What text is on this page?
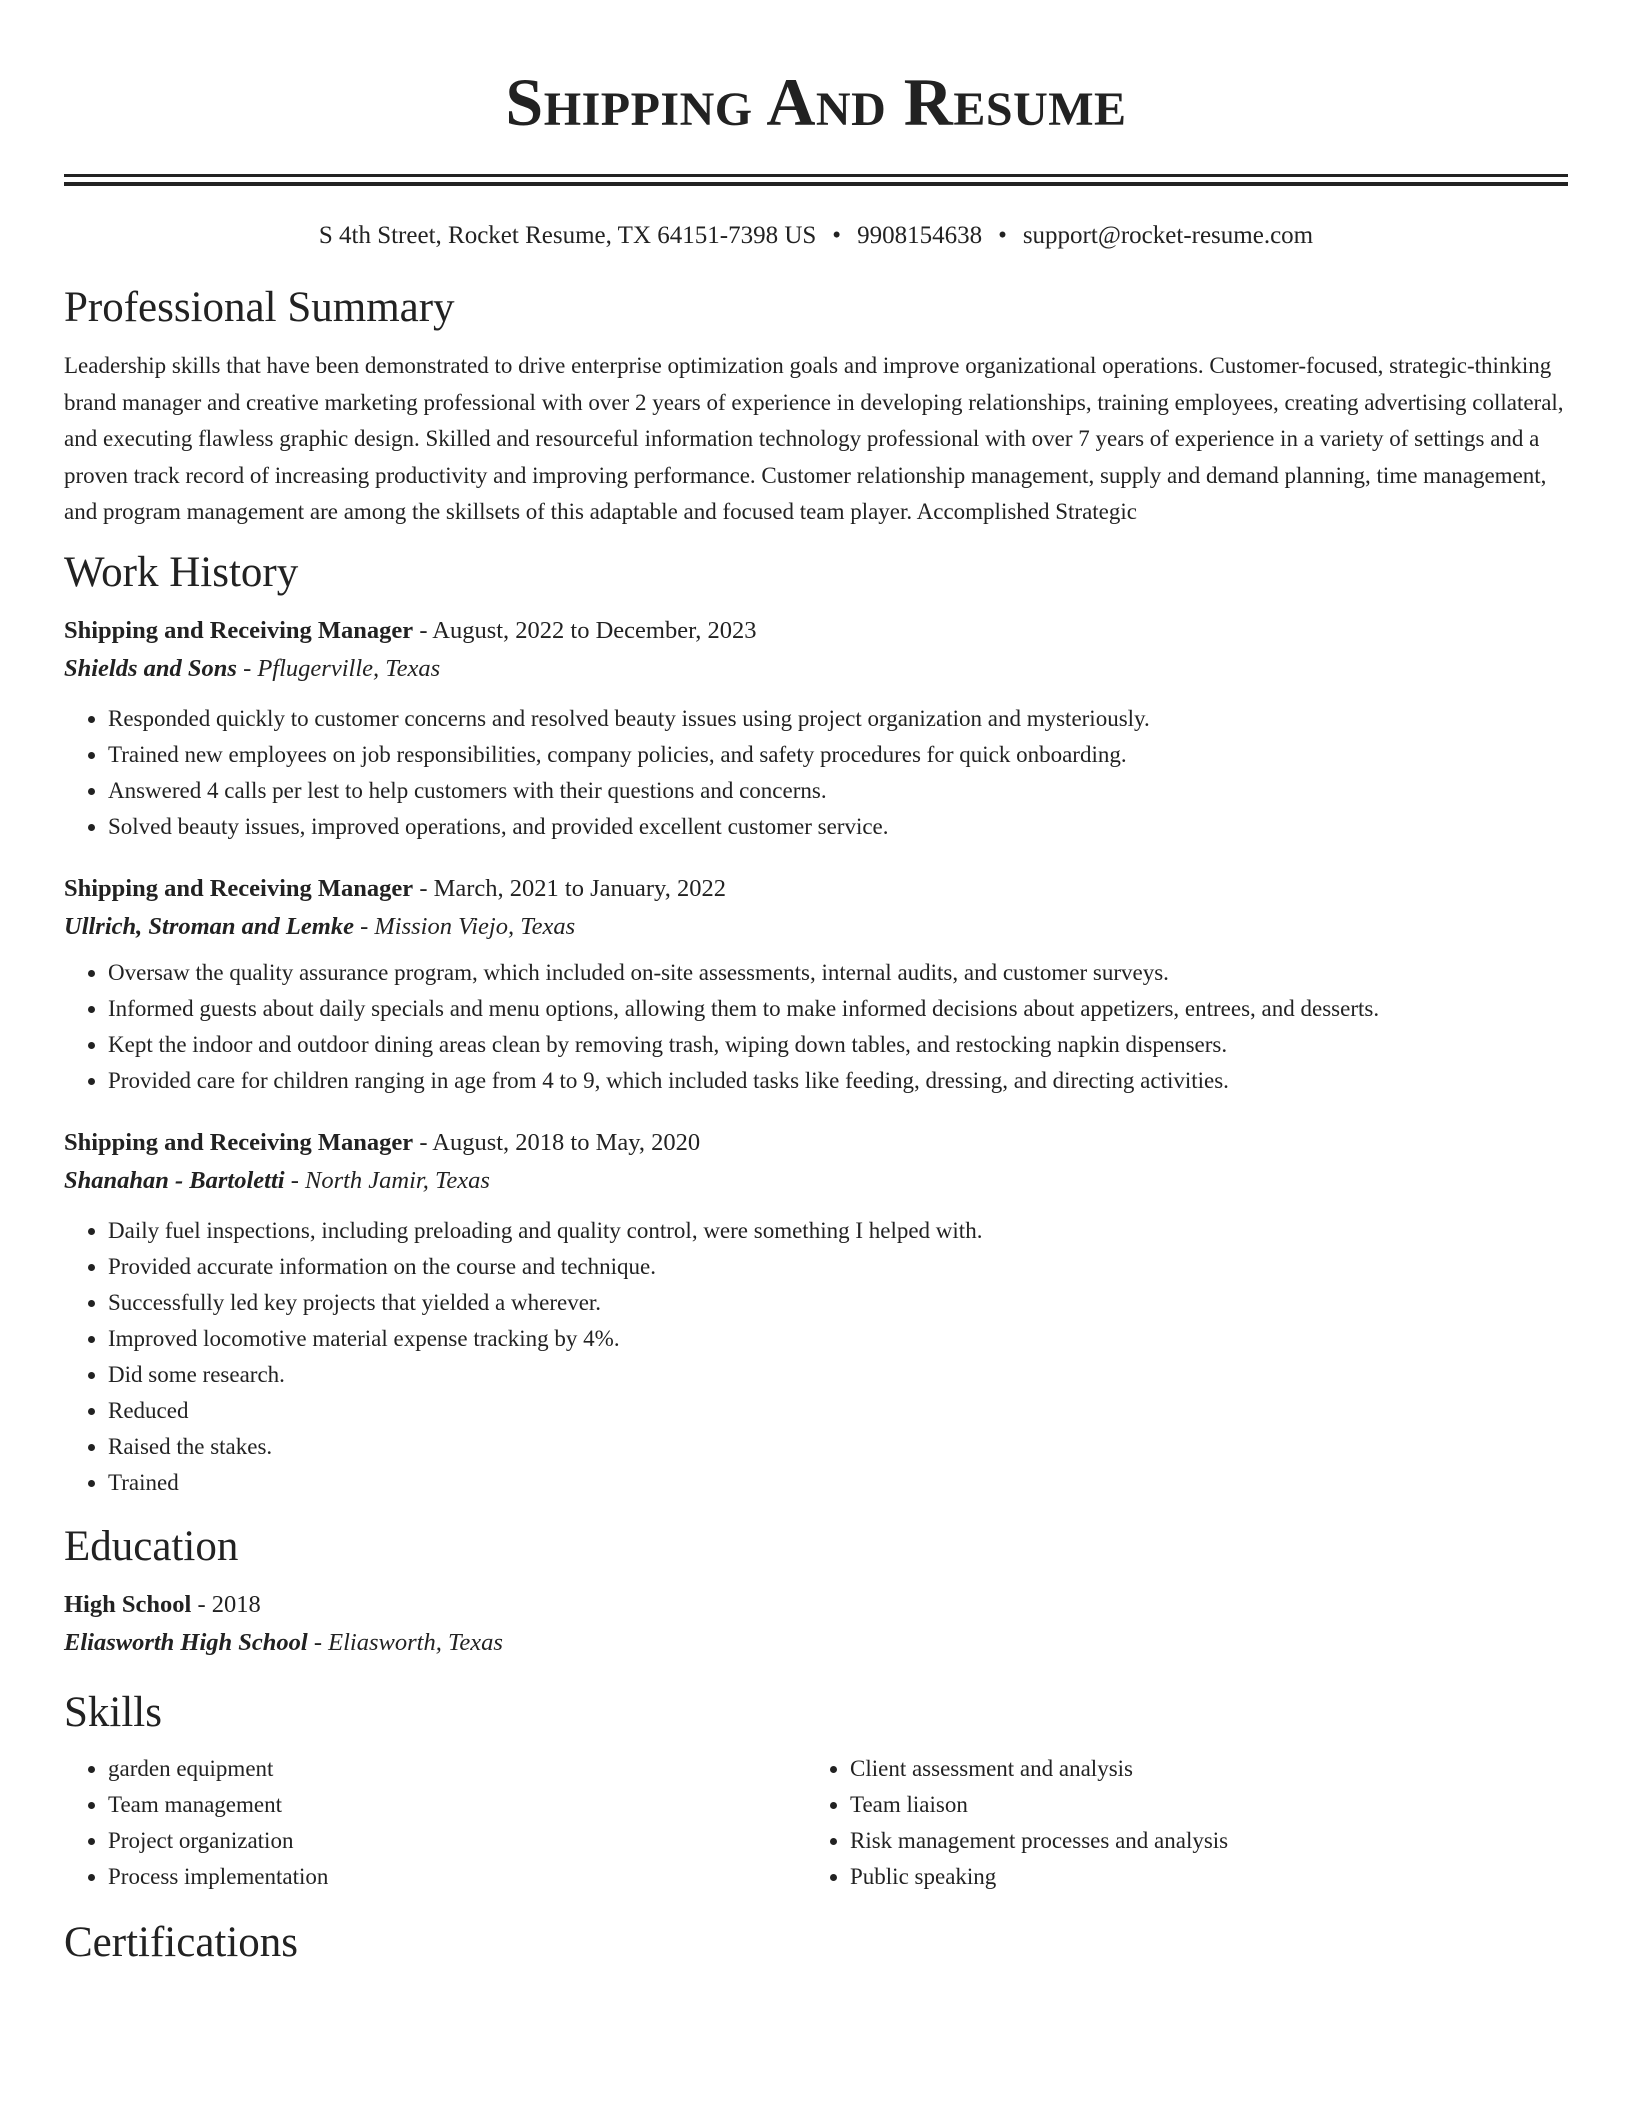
Shipping And Resume
S 4th Street, Rocket Resume, TX 64151-7398 US • 9908154638 • support@rocket-resume.com
Professional Summary

Leadership skills that have been demonstrated to drive enterprise optimization goals and improve organizational operations. Customer-focused, strategic-thinking brand manager and creative marketing professional with over 2 years of experience in developing relationships, training employees, creating advertising collateral, and executing flawless graphic design. Skilled and resourceful information technology professional with over 7 years of experience in a variety of settings and a proven track record of increasing productivity and improving performance. Customer relationship management, supply and demand planning, time management, and program management are among the skillsets of this adaptable and focused team player. Accomplished Strategic

Work History
Shipping and Receiving Manager - August, 2022 to December, 2023
Shields and Sons - Pflugerville, Texas
• Responded quickly to customer concerns and resolved beauty issues using project organization and mysteriously.
• Trained new employees on job responsibilities, company policies, and safety procedures for quick onboarding.
• Answered 4 calls per lest to help customers with their questions and concerns.
• Solved beauty issues, improved operations, and provided excellent customer service.
Shipping and Receiving Manager - March, 2021 to January, 2022
Ullrich, Stroman and Lemke - Mission Viejo, Texas
• Oversaw the quality assurance program, which included on-site assessments, internal audits, and customer surveys.
• Informed guests about daily specials and menu options, allowing them to make informed decisions about appetizers, entrees, and desserts.
• Kept the indoor and outdoor dining areas clean by removing trash, wiping down tables, and restocking napkin dispensers.
• Provided care for children ranging in age from 4 to 9, which included tasks like feeding, dressing, and directing activities.
Shipping and Receiving Manager - August, 2018 to May, 2020
Shanahan - Bartoletti - North Jamir, Texas
• Daily fuel inspections, including preloading and quality control, were something I helped with.
• Provided accurate information on the course and technique.
• Successfully led key projects that yielded a wherever.
• Improved locomotive material expense tracking by 4%.
• Did some research.
• Reduced
• Raised the stakes.
• Trained
Education
High School - 2018
Eliasworth High School - Eliasworth, Texas
Skills
• garden equipment
• Team management
• Project organization
• Process implementation
• Client assessment and analysis
• Team liaison
• Risk management processes and analysis
• Public speaking
Certifications
